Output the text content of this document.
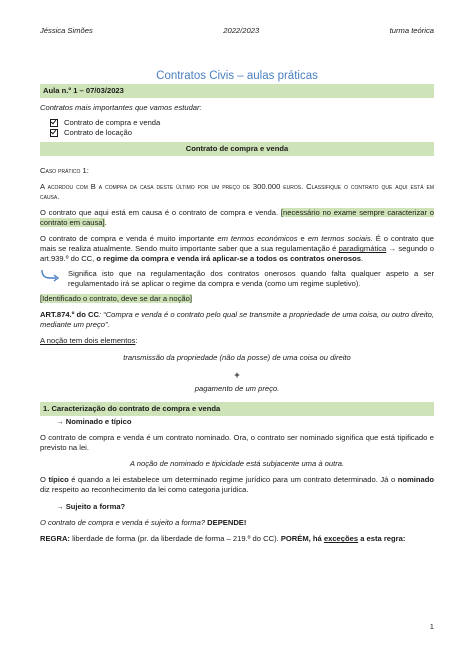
Jéssica Simões	2022/2023	turma teórica
Contratos Civis – aulas práticas

Aula n.º 1 – 07/03/2023

Contratos mais importantes que vamos estudar:

Contrato de compra e venda
Contrato de locação

Contrato de compra e venda

Caso prático 1:

A acordou com B a compra da casa deste último por um preço de 300.000 euros. Classifique o contrato que aqui está em causa.

O contrato que aqui está em causa é o contrato de compra e venda. [necessário no exame sempre caracterizar o contrato em causa].

O contrato de compra e venda é muito importante em termos económicos e em termos sociais. É o contrato que mais se realiza atualmente. Sendo muito importante saber que a sua regulamentação é paradigmática → segundo o art.939.º do CC, o regime da compra e venda irá aplicar-se a todos os contratos onerosos.

Significa isto que na regulamentação dos contratos onerosos quando falta qualquer aspeto a ser regulamentado irá se aplicar o regime da compra e venda (como um regime supletivo).

[Identificado o contrato, deve se dar a noção]

ART.874.º do CC: “Compra e venda é o contrato pelo qual se transmite a propriedade de uma coisa, ou outro direito, mediante um preço”.

A noção tem dois elementos:

transmissão da propriedade (não da posse) de uma coisa ou direito

+

pagamento de um preço.

1. Caracterização do contrato de compra e venda

→ Nominado e típico

O contrato de compra e venda é um contrato nominado. Ora, o contrato ser nominado significa que está tipificado e previsto na lei.

A noção de nominado e tipicidade está subjacente uma à outra.

O típico é quando a lei estabelece um determinado regime jurídico para um contrato determinado. Já o nominado diz respeito ao reconhecimento da lei como categoria jurídica.

→ Sujeito a forma?

O contrato de compra e venda é sujeito a forma? DEPENDE!

REGRA: liberdade de forma (pr. da liberdade de forma – 219.º do CC). PORÉM, há exceções a esta regra:

1
